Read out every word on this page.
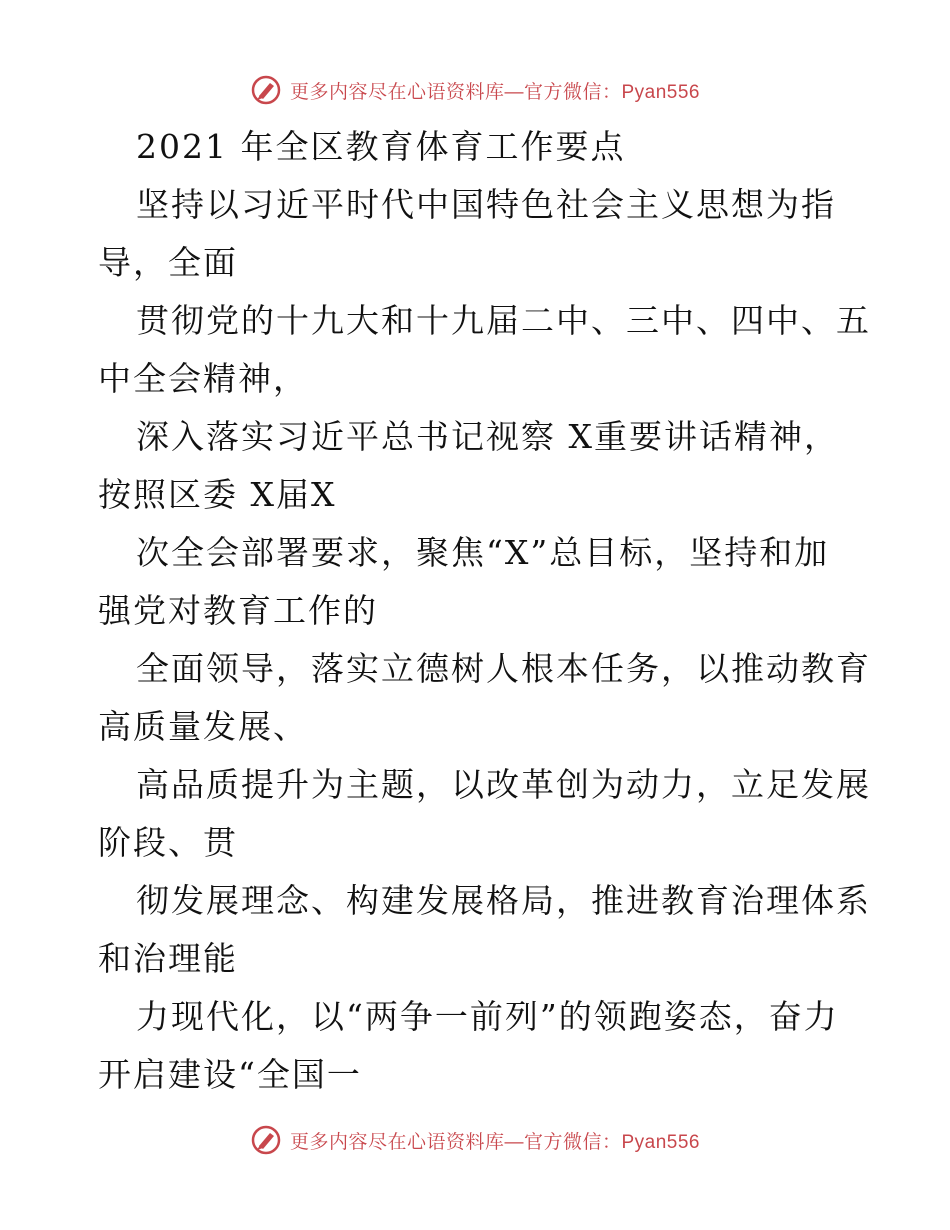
更多内容尽在心语资料库—官方微信：Pyan556
2021 年全区教育体育工作要点
坚持以习近平时代中国特色社会主义思想为指
导，全面
贯彻党的十九大和十九届二中、三中、四中、五
中全会精神，
深入落实习近平总书记视察 X重要讲话精神，
按照区委 X届X
次全会部署要求，聚焦“X”总目标，坚持和加
强党对教育工作的
全面领导，落实立德树人根本任务，以推动教育
高质量发展、
高品质提升为主题，以改革创为动力，立足发展
阶段、贯
彻发展理念、构建发展格局，推进教育治理体系
和治理能
力现代化，以“两争一前列”的领跑姿态，奋力
开启建设“全国一
更多内容尽在心语资料库—官方微信：Pyan556
